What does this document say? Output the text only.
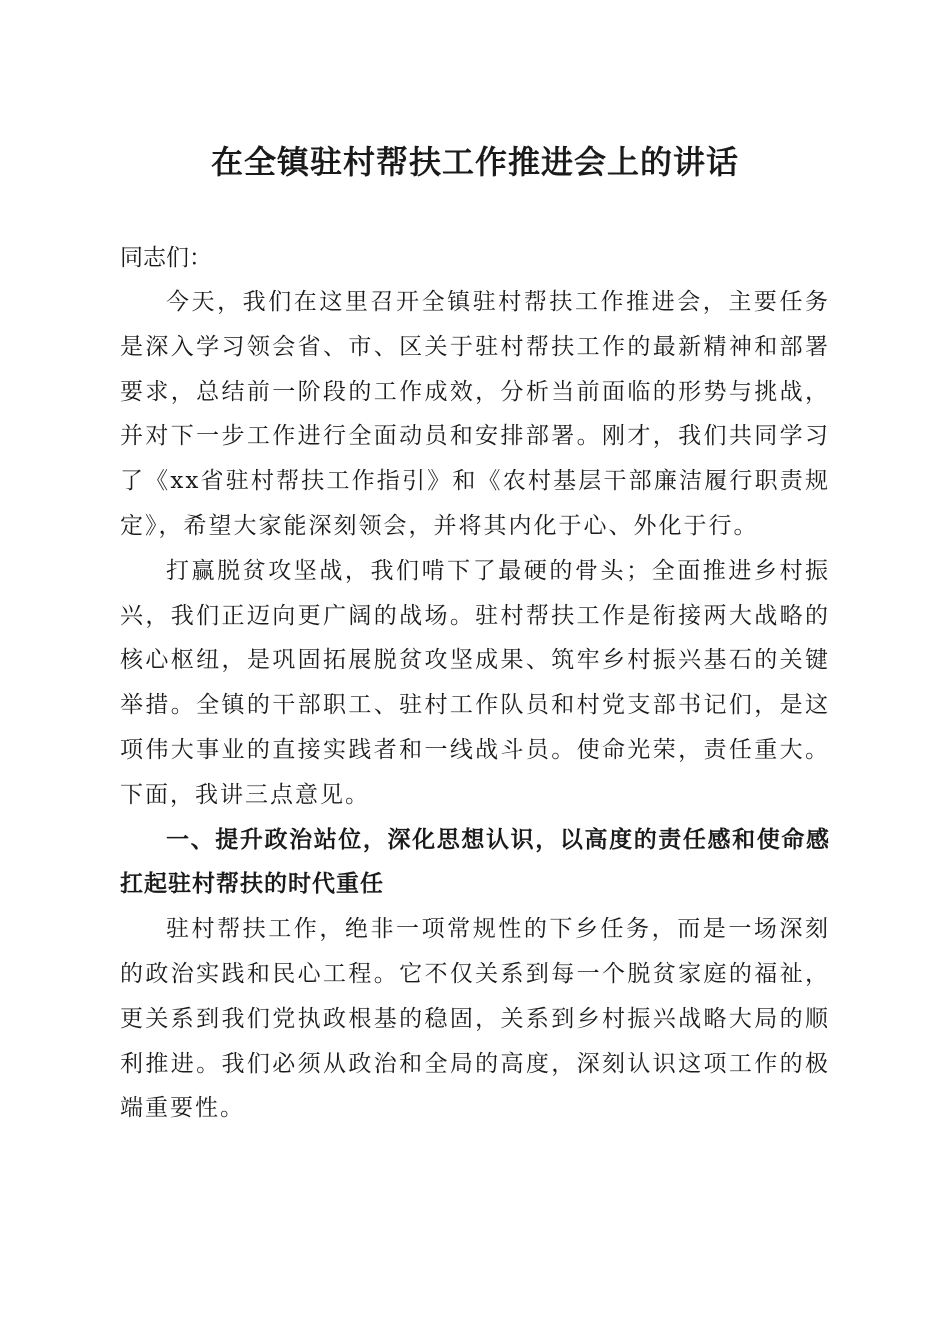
在全镇驻村帮扶工作推进会上的讲话

同志们：

今天，我们在这里召开全镇驻村帮扶工作推进会，主要任务是深入学习领会省、市、区关于驻村帮扶工作的最新精神和部署要求，总结前一阶段的工作成效，分析当前面临的形势与挑战，并对下一步工作进行全面动员和安排部署。刚才，我们共同学习了《xx省驻村帮扶工作指引》和《农村基层干部廉洁履行职责规定》，希望大家能深刻领会，并将其内化于心、外化于行。

打赢脱贫攻坚战，我们啃下了最硬的骨头；全面推进乡村振兴，我们正迈向更广阔的战场。驻村帮扶工作是衔接两大战略的核心枢纽，是巩固拓展脱贫攻坚成果、筑牢乡村振兴基石的关键举措。全镇的干部职工、驻村工作队员和村党支部书记们，是这项伟大事业的直接实践者和一线战斗员。使命光荣，责任重大。下面，我讲三点意见。

一、提升政治站位，深化思想认识，以高度的责任感和使命感扛起驻村帮扶的时代重任

驻村帮扶工作，绝非一项常规性的下乡任务，而是一场深刻的政治实践和民心工程。它不仅关系到每一个脱贫家庭的福祉，更关系到我们党执政根基的稳固，关系到乡村振兴战略大局的顺利推进。我们必须从政治和全局的高度，深刻认识这项工作的极端重要性。
